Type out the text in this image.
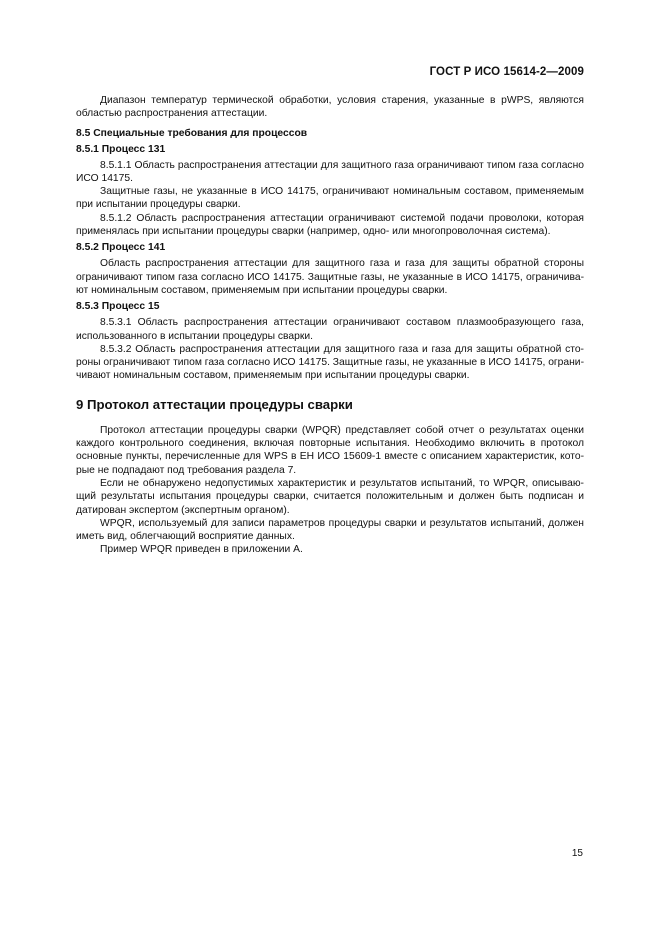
ГОСТ Р ИСО 15614-2—2009

Диапазон температур термической обработки, условия старения, указанные в pWPS, являются областью распространения аттестации.

8.5 Специальные требования для процессов
8.5.1 Процесс 131

8.5.1.1 Область распространения аттестации для защитного газа ограничивают типом газа согласно ИСО 14175.

Защитные газы, не указанные в ИСО 14175, ограничивают номинальным составом, применяемым при испытании процедуры сварки.

8.5.1.2 Область распространения аттестации ограничивают системой подачи проволоки, которая применялась при испытании процедуры сварки (например, одно- или многопроволочная система).

8.5.2 Процесс 141

Область распространения аттестации для защитного газа и газа для защиты обратной стороны ограничивают типом газа согласно ИСО 14175. Защитные газы, не указанные в ИСО 14175, ограничива-ют номинальным составом, применяемым при испытании процедуры сварки.

8.5.3 Процесс 15

8.5.3.1 Область распространения аттестации ограничивают составом плазмообразующего газа, использованного в испытании процедуры сварки.

8.5.3.2 Область распространения аттестации для защитного газа и газа для защиты обратной сто-роны ограничивают типом газа согласно ИСО 14175. Защитные газы, не указанные в ИСО 14175, ограни-чивают номинальным составом, применяемым при испытании процедуры сварки.

9 Протокол аттестации процедуры сварки

Протокол аттестации процедуры сварки (WPQR) представляет собой отчет о результатах оценки каждого контрольного соединения, включая повторные испытания. Необходимо включить в протокол основные пункты, перечисленные для WPS в ЕН ИСО 15609-1 вместе с описанием характеристик, кото-рые не подпадают под требования раздела 7.

Если не обнаружено недопустимых характеристик и результатов испытаний, то WPQR, описываю-щий результаты испытания процедуры сварки, считается положительным и должен быть подписан и датирован экспертом (экспертным органом).

WPQR, используемый для записи параметров процедуры сварки и результатов испытаний, должен иметь вид, облегчающий восприятие данных.

Пример WPQR приведен в приложении А.

15
